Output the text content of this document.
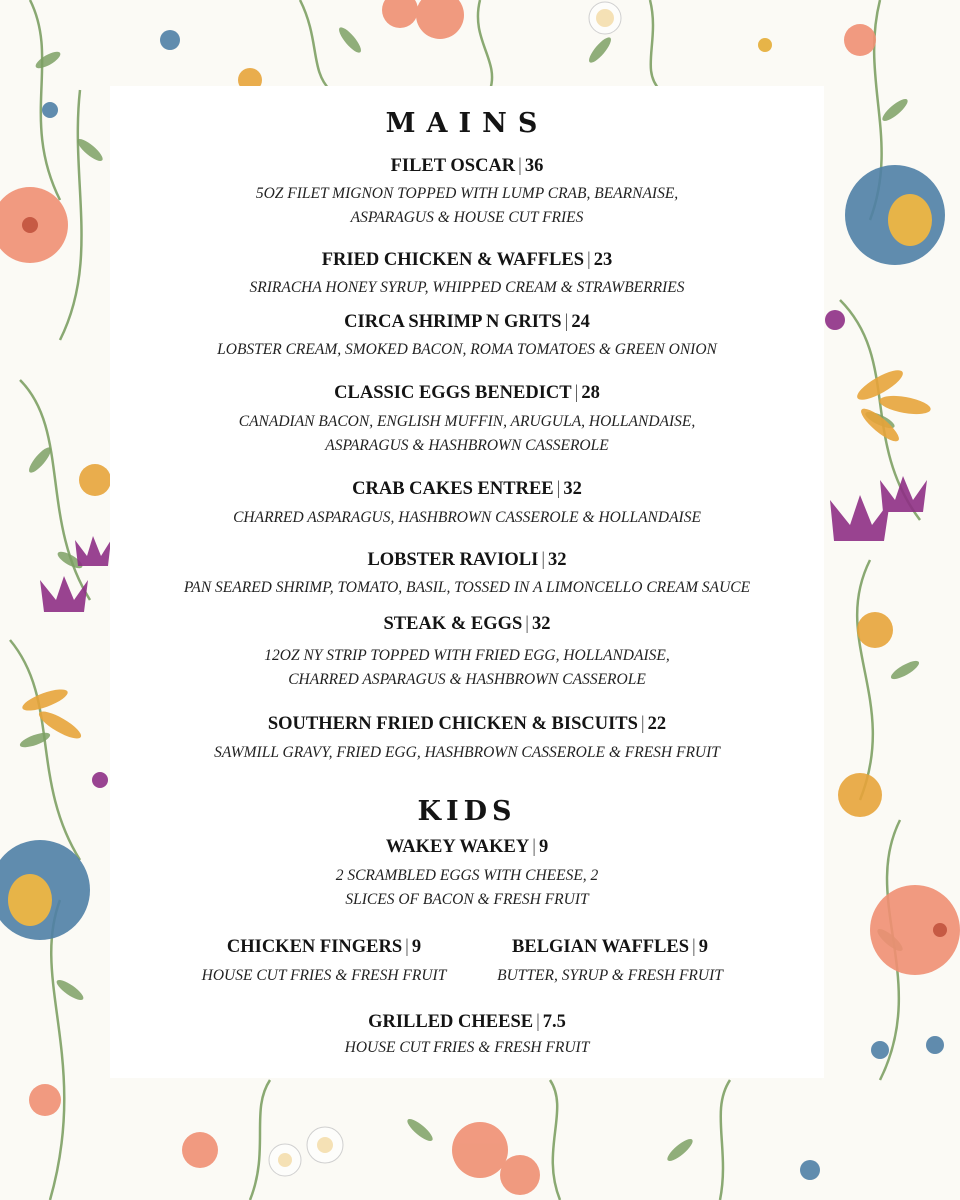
MAINS
FILET OSCAR | 36
5OZ FILET MIGNON TOPPED WITH LUMP CRAB, BEARNAISE,
ASPARAGUS & HOUSE CUT FRIES
FRIED CHICKEN & WAFFLES | 23
SRIRACHA HONEY SYRUP, WHIPPED CREAM & STRAWBERRIES
CIRCA SHRIMP N GRITS | 24
LOBSTER CREAM, SMOKED BACON, ROMA TOMATOES & GREEN ONION
CLASSIC EGGS BENEDICT | 28
CANADIAN BACON, ENGLISH MUFFIN, ARUGULA, HOLLANDAISE,
ASPARAGUS & HASHBROWN CASSEROLE
CRAB CAKES ENTREE | 32
CHARRED ASPARAGUS, HASHBROWN CASSEROLE & HOLLANDAISE
LOBSTER RAVIOLI | 32
PAN SEARED SHRIMP, TOMATO, BASIL, TOSSED IN A LIMONCELLO CREAM SAUCE
STEAK & EGGS | 32
12OZ NY STRIP TOPPED WITH FRIED EGG, HOLLANDAISE,
CHARRED ASPARAGUS & HASHBROWN CASSEROLE
SOUTHERN FRIED CHICKEN & BISCUITS | 22
SAWMILL GRAVY, FRIED EGG, HASHBROWN CASSEROLE & FRESH FRUIT
KIDS
WAKEY WAKEY | 9
2 SCRAMBLED EGGS WITH CHEESE, 2
SLICES OF BACON & FRESH FRUIT
CHICKEN FINGERS | 9
HOUSE CUT FRIES & FRESH FRUIT
BELGIAN WAFFLES | 9
BUTTER, SYRUP & FRESH FRUIT
GRILLED CHEESE | 7.5
HOUSE CUT FRIES & FRESH FRUIT
